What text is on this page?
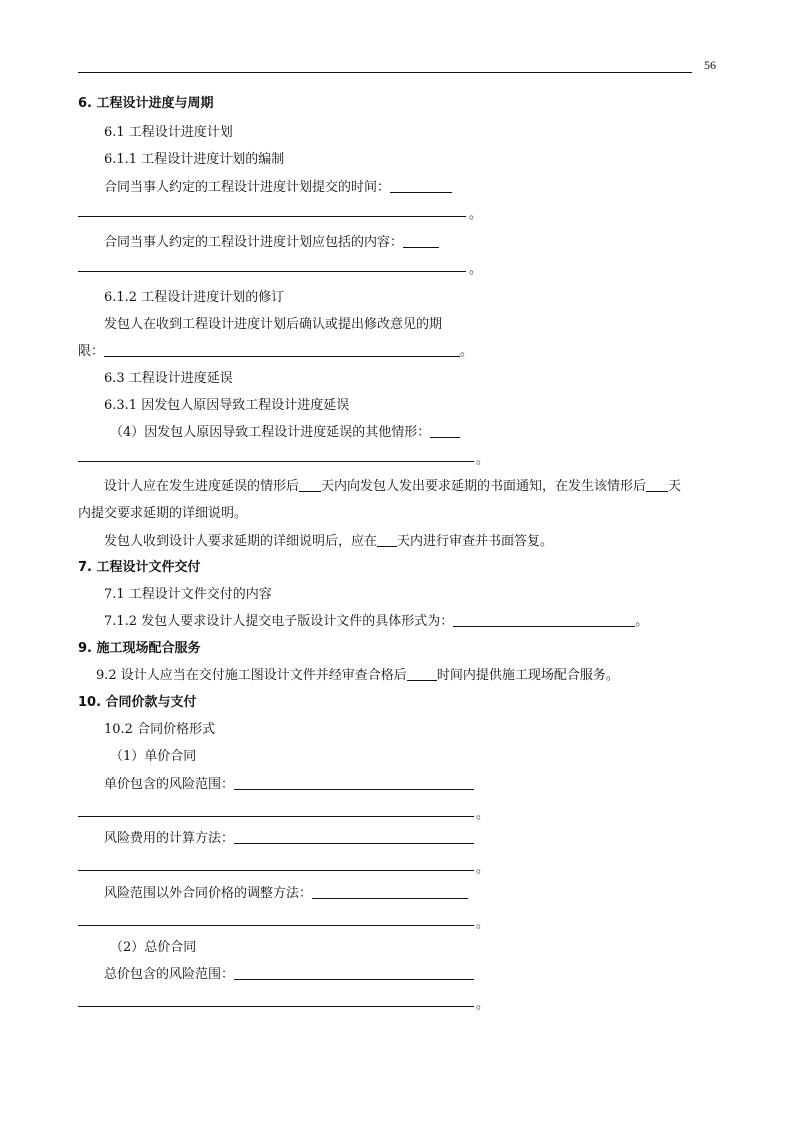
56
6. 工程设计进度与周期
6.1 工程设计进度计划
6.1.1 工程设计进度计划的编制
合同当事人约定的工程设计进度计划提交的时间：
。
合同当事人约定的工程设计进度计划应包括的内容：
。
6.1.2 工程设计进度计划的修订
发包人在收到工程设计进度计划后确认或提出修改意见的期
限：	。
6.3 工程设计进度延误
6.3.1 因发包人原因导致工程设计进度延误
（4）因发包人原因导致工程设计进度延误的其他情形：
。
设计人应在发生进度延误的情形后 天内向发包人发出要求延期的书面通知，在发生该情形后 天
内提交要求延期的详细说明。
发包人收到设计人要求延期的详细说明后，应在 天内进行审查并书面答复。
7. 工程设计文件交付
7.1 工程设计文件交付的内容
7.1.2 发包人要求设计人提交电子版设计文件的具体形式为：	。
9. 施工现场配合服务
9.2 设计人应当在交付施工图设计文件并经审查合格后 时间内提供施工现场配合服务。
10. 合同价款与支付
10.2 合同价格形式
（1）单价合同
单价包含的风险范围：
。
风险费用的计算方法：
。
风险范围以外合同价格的调整方法：
。
（2）总价合同
总价包含的风险范围：
。
